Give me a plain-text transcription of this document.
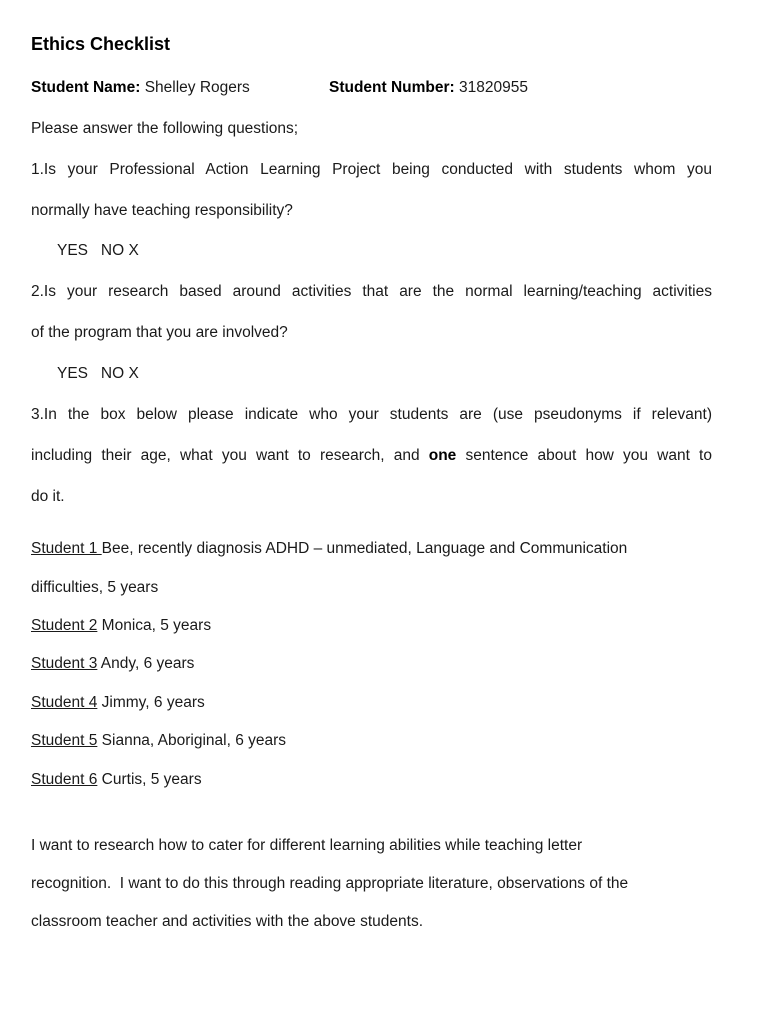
Ethics Checklist
Student Name: Shelley Rogers	Student Number: 31820955
Please answer the following questions;
1.Is your Professional Action Learning Project being conducted with students whom you
normally have teaching responsibility?
YES   NO X
2.Is your research based around activities that are the normal learning/teaching activities
of the program that you are involved?
YES   NO X
3.In the box below please indicate who your students are (use pseudonyms if relevant)
including their age, what you want to research, and one sentence about how you want to
do it.
Student 1 Bee, recently diagnosis ADHD – unmediated, Language and Communication
difficulties, 5 years
Student 2 Monica, 5 years
Student 3 Andy, 6 years
Student 4 Jimmy, 6 years
Student 5 Sianna, Aboriginal, 6 years
Student 6 Curtis, 5 years
I want to research how to cater for different learning abilities while teaching letter
recognition.  I want to do this through reading appropriate literature, observations of the
classroom teacher and activities with the above students.
